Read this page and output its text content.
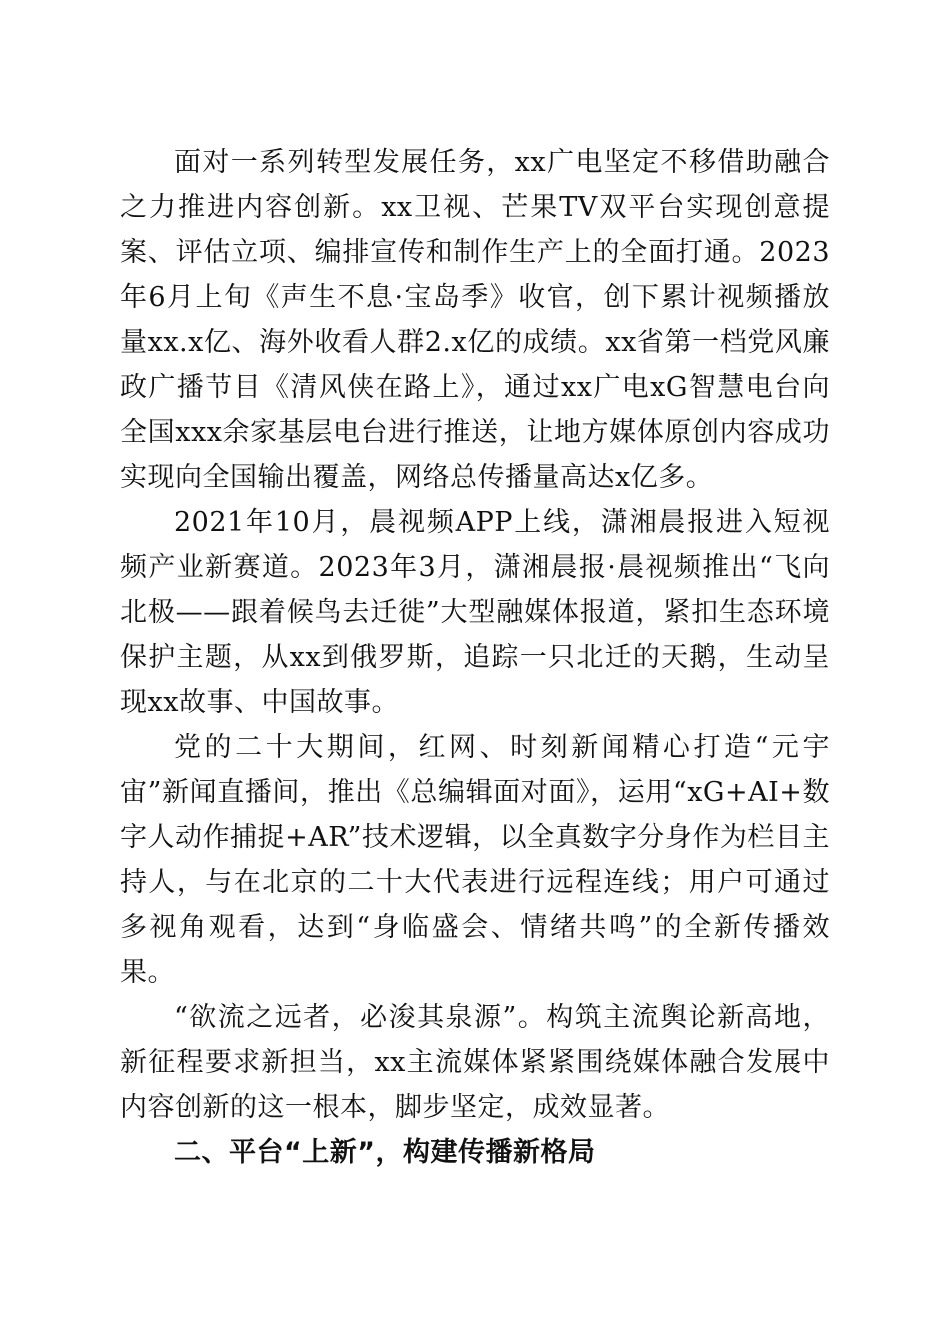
面对一系列转型发展任务，xx广电坚定不移借助融合之力推进内容创新。xx卫视、芒果TV双平台实现创意提案、评估立项、编排宣传和制作生产上的全面打通。2023年6月上旬《声生不息·宝岛季》收官，创下累计视频播放量xx.x亿、海外收看人群2.x亿的成绩。xx省第一档党风廉政广播节目《清风侠在路上》，通过xx广电xG智慧电台向全国xxx余家基层电台进行推送，让地方媒体原创内容成功实现向全国输出覆盖，网络总传播量高达x亿多。

2021年10月，晨视频APP上线，潇湘晨报进入短视频产业新赛道。2023年3月，潇湘晨报·晨视频推出“飞向北极——跟着候鸟去迁徙”大型融媒体报道，紧扣生态环境保护主题，从xx到俄罗斯，追踪一只北迁的天鹅，生动呈现xx故事、中国故事。

党的二十大期间，红网、时刻新闻精心打造“元宇宙”新闻直播间，推出《总编辑面对面》，运用“xG+AI+数字人动作捕捉+AR”技术逻辑，以全真数字分身作为栏目主持人，与在北京的二十大代表进行远程连线；用户可通过多视角观看，达到“身临盛会、情绪共鸣”的全新传播效果。

“欲流之远者，必浚其泉源”。构筑主流舆论新高地，新征程要求新担当，xx主流媒体紧紧围绕媒体融合发展中内容创新的这一根本，脚步坚定，成效显著。

二、平台“上新”，构建传播新格局
